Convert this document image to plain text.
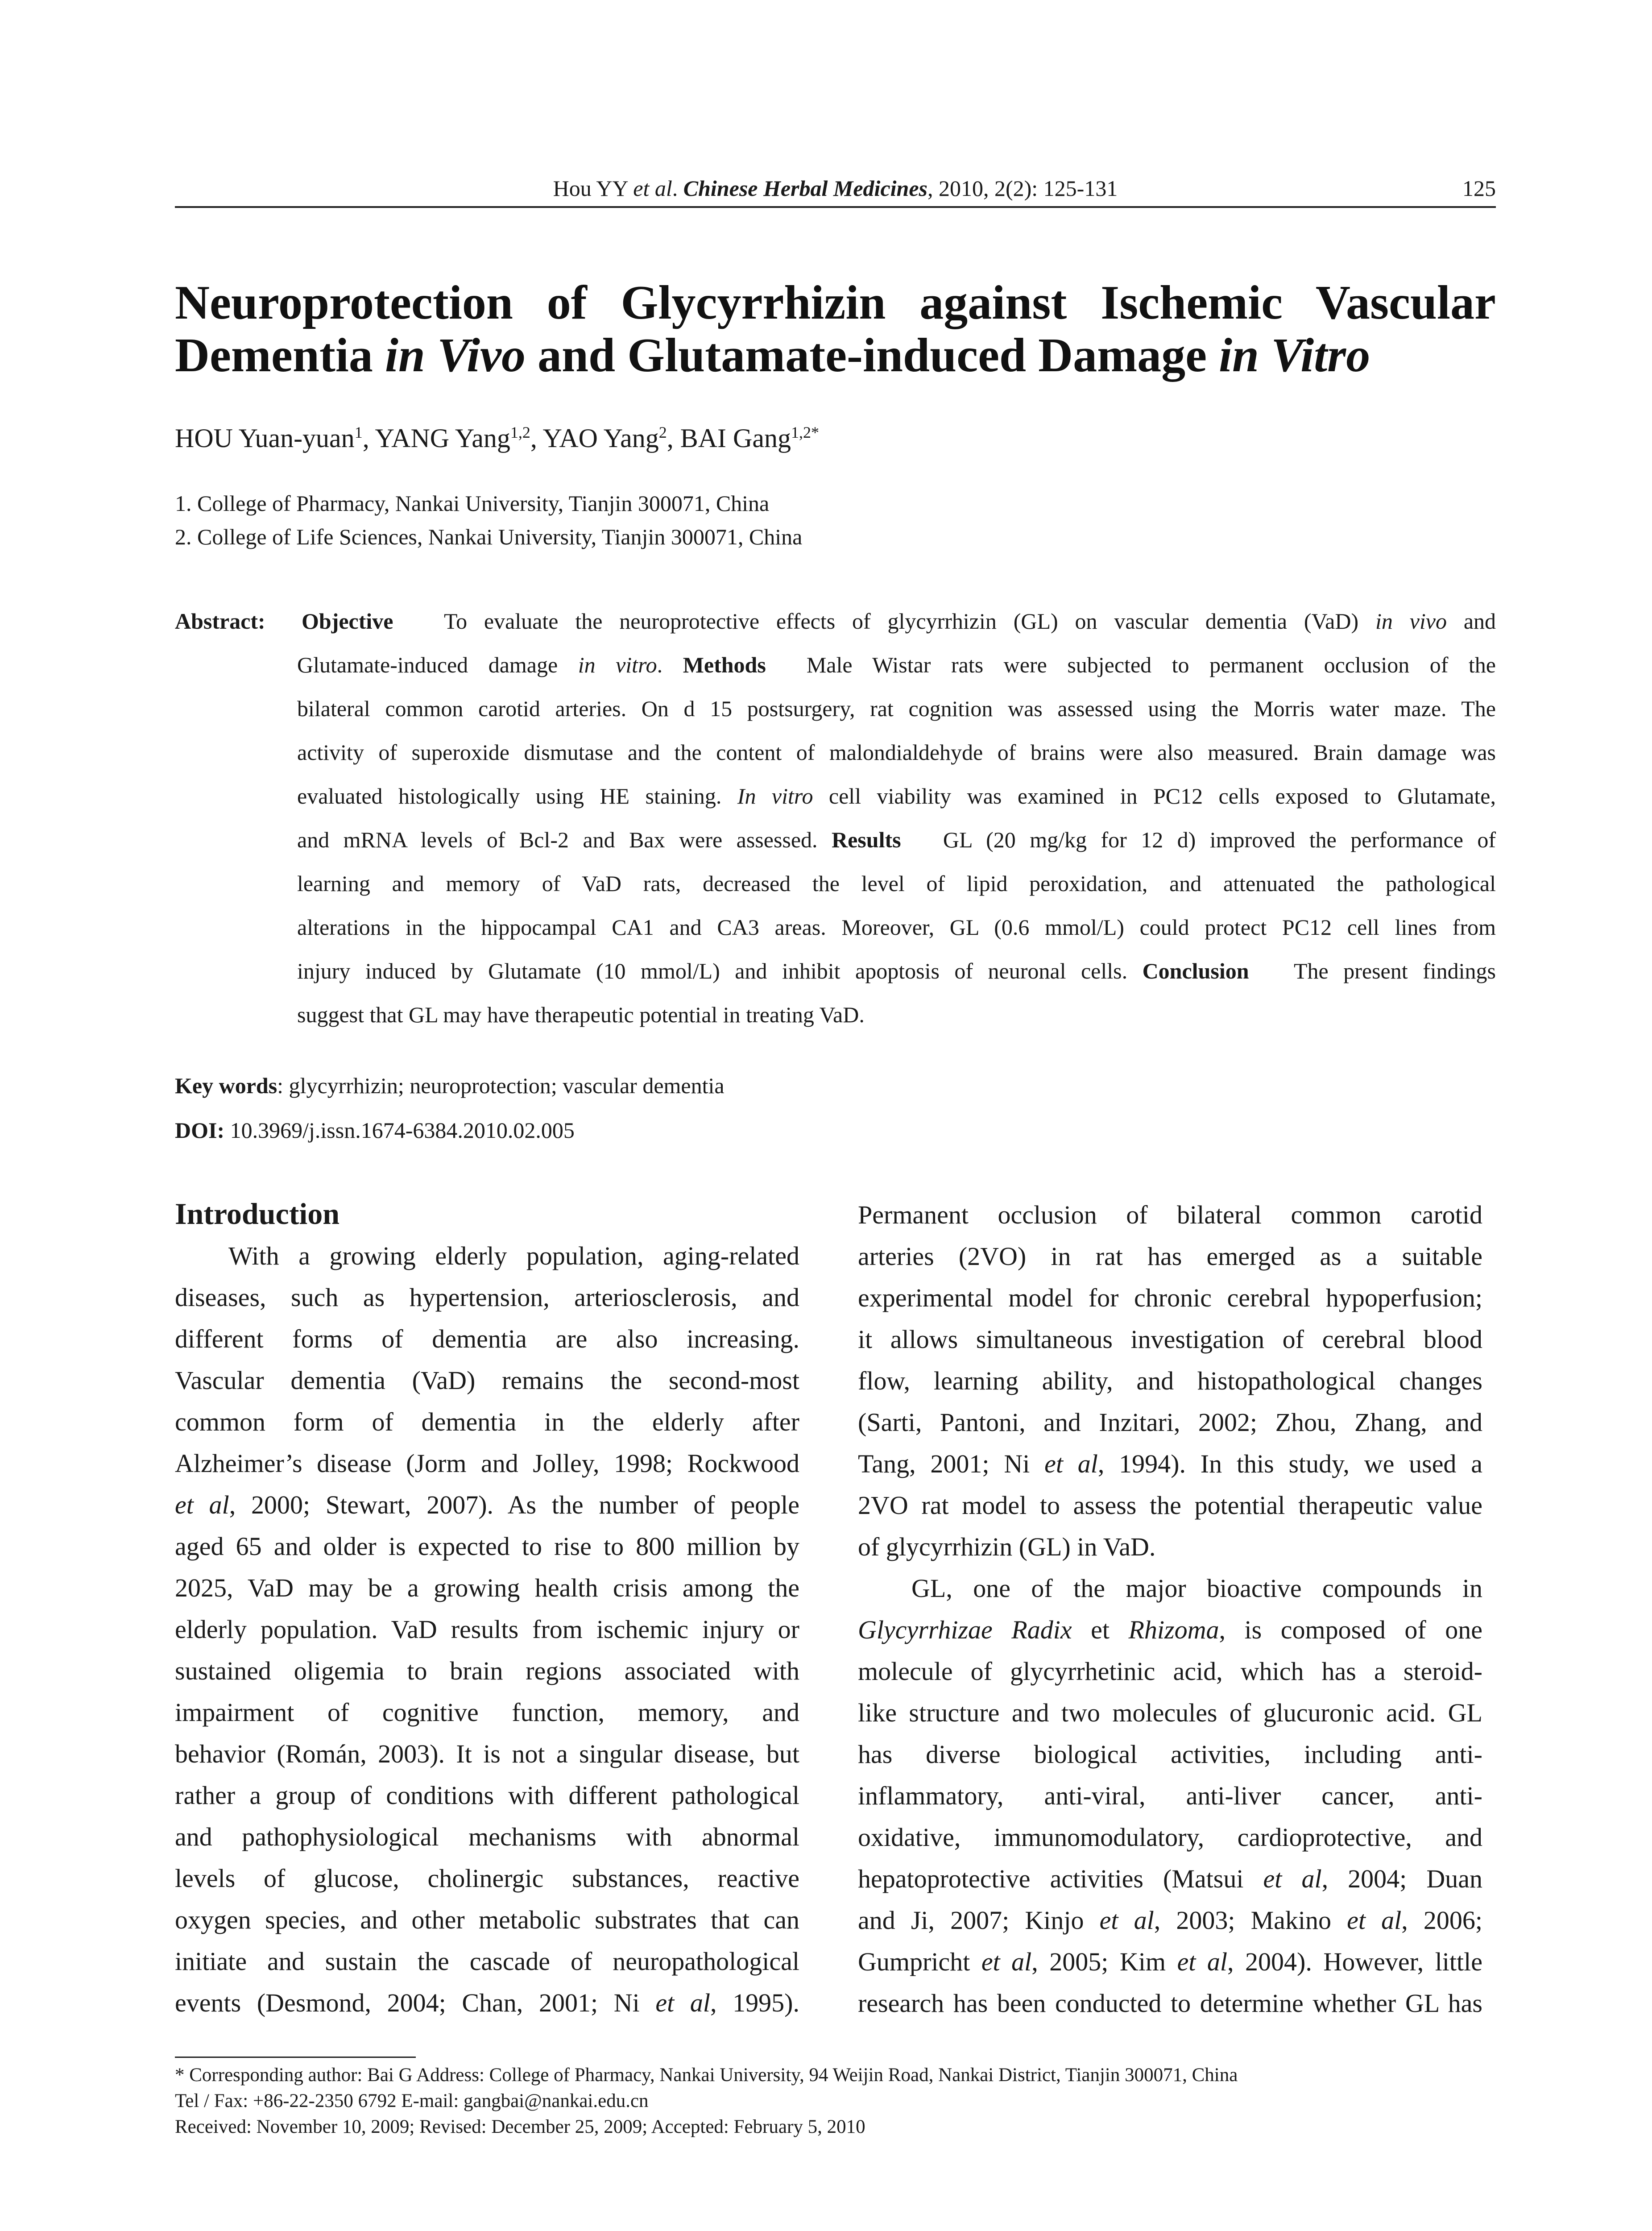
Hou YY et al. Chinese Herbal Medicines, 2010, 2(2): 125-131	125
Neuroprotection of Glycyrrhizin against Ischemic Vascular
Dementia in Vivo and Glutamate-induced Damage in Vitro
HOU Yuan-yuan$^1$, YANG Yang$^{1,2}$, YAO Yang$^2$, BAI Gang$^{1,2*}$
1. College of Pharmacy, Nankai University, Tianjin 300071, China
2. College of Life Sciences, Nankai University, Tianjin 300071, China
Abstract: Objective To evaluate the neuroprotective effects of glycyrrhizin (GL) on vascular dementia (VaD) in vivo and
Glutamate-induced damage in vitro. Methods Male Wistar rats were subjected to permanent occlusion of the
bilateral common carotid arteries. On d 15 postsurgery, rat cognition was assessed using the Morris water maze. The
activity of superoxide dismutase and the content of malondialdehyde of brains were also measured. Brain damage was
evaluated histologically using HE staining. In vitro cell viability was examined in PC12 cells exposed to Glutamate,
and mRNA levels of Bcl-2 and Bax were assessed. Results GL (20 mg/kg for 12 d) improved the performance of
learning and memory of VaD rats, decreased the level of lipid peroxidation, and attenuated the pathological
alterations in the hippocampal CA1 and CA3 areas. Moreover, GL (0.6 mmol/L) could protect PC12 cell lines from
injury induced by Glutamate (10 mmol/L) and inhibit apoptosis of neuronal cells. Conclusion The present findings
suggest that GL may have therapeutic potential in treating VaD.
Key words: glycyrrhizin; neuroprotection; vascular dementia
DOI: 10.3969/j.issn.1674-6384.2010.02.005
Introduction
With a growing elderly population, aging-related
diseases, such as hypertension, arteriosclerosis, and
different forms of dementia are also increasing.
Vascular dementia (VaD) remains the second-most
common form of dementia in the elderly after
Alzheimer’s disease (Jorm and Jolley, 1998; Rockwood
et al, 2000; Stewart, 2007). As the number of people
aged 65 and older is expected to rise to 800 million by
2025, VaD may be a growing health crisis among the
elderly population. VaD results from ischemic injury or
sustained oligemia to brain regions associated with
impairment of cognitive function, memory, and
behavior (Román, 2003). It is not a singular disease, but
rather a group of conditions with different pathological
and pathophysiological mechanisms with abnormal
levels of glucose, cholinergic substances, reactive
oxygen species, and other metabolic substrates that can
initiate and sustain the cascade of neuropathological
events (Desmond, 2004; Chan, 2001; Ni et al, 1995).
Permanent occlusion of bilateral common carotid
arteries (2VO) in rat has emerged as a suitable
experimental model for chronic cerebral hypoperfusion;
it allows simultaneous investigation of cerebral blood
flow, learning ability, and histopathological changes
(Sarti, Pantoni, and Inzitari, 2002; Zhou, Zhang, and
Tang, 2001; Ni et al, 1994). In this study, we used a
2VO rat model to assess the potential therapeutic value
of glycyrrhizin (GL) in VaD.
GL, one of the major bioactive compounds in
Glycyrrhizae Radix et Rhizoma, is composed of one
molecule of glycyrrhetinic acid, which has a steroid-
like structure and two molecules of glucuronic acid. GL
has diverse biological activities, including anti-
inflammatory, anti-viral, anti-liver cancer, anti-
oxidative, immunomodulatory, cardioprotective, and
hepatoprotective activities (Matsui et al, 2004; Duan
and Ji, 2007; Kinjo et al, 2003; Makino et al, 2006;
Gumpricht et al, 2005; Kim et al, 2004). However, little
research has been conducted to determine whether GL has
* Corresponding author: Bai G Address: College of Pharmacy, Nankai University, 94 Weijin Road, Nankai District, Tianjin 300071, China
Tel / Fax: +86-22-2350 6792 E-mail: gangbai@nankai.edu.cn
Received: November 10, 2009; Revised: December 25, 2009; Accepted: February 5, 2010
